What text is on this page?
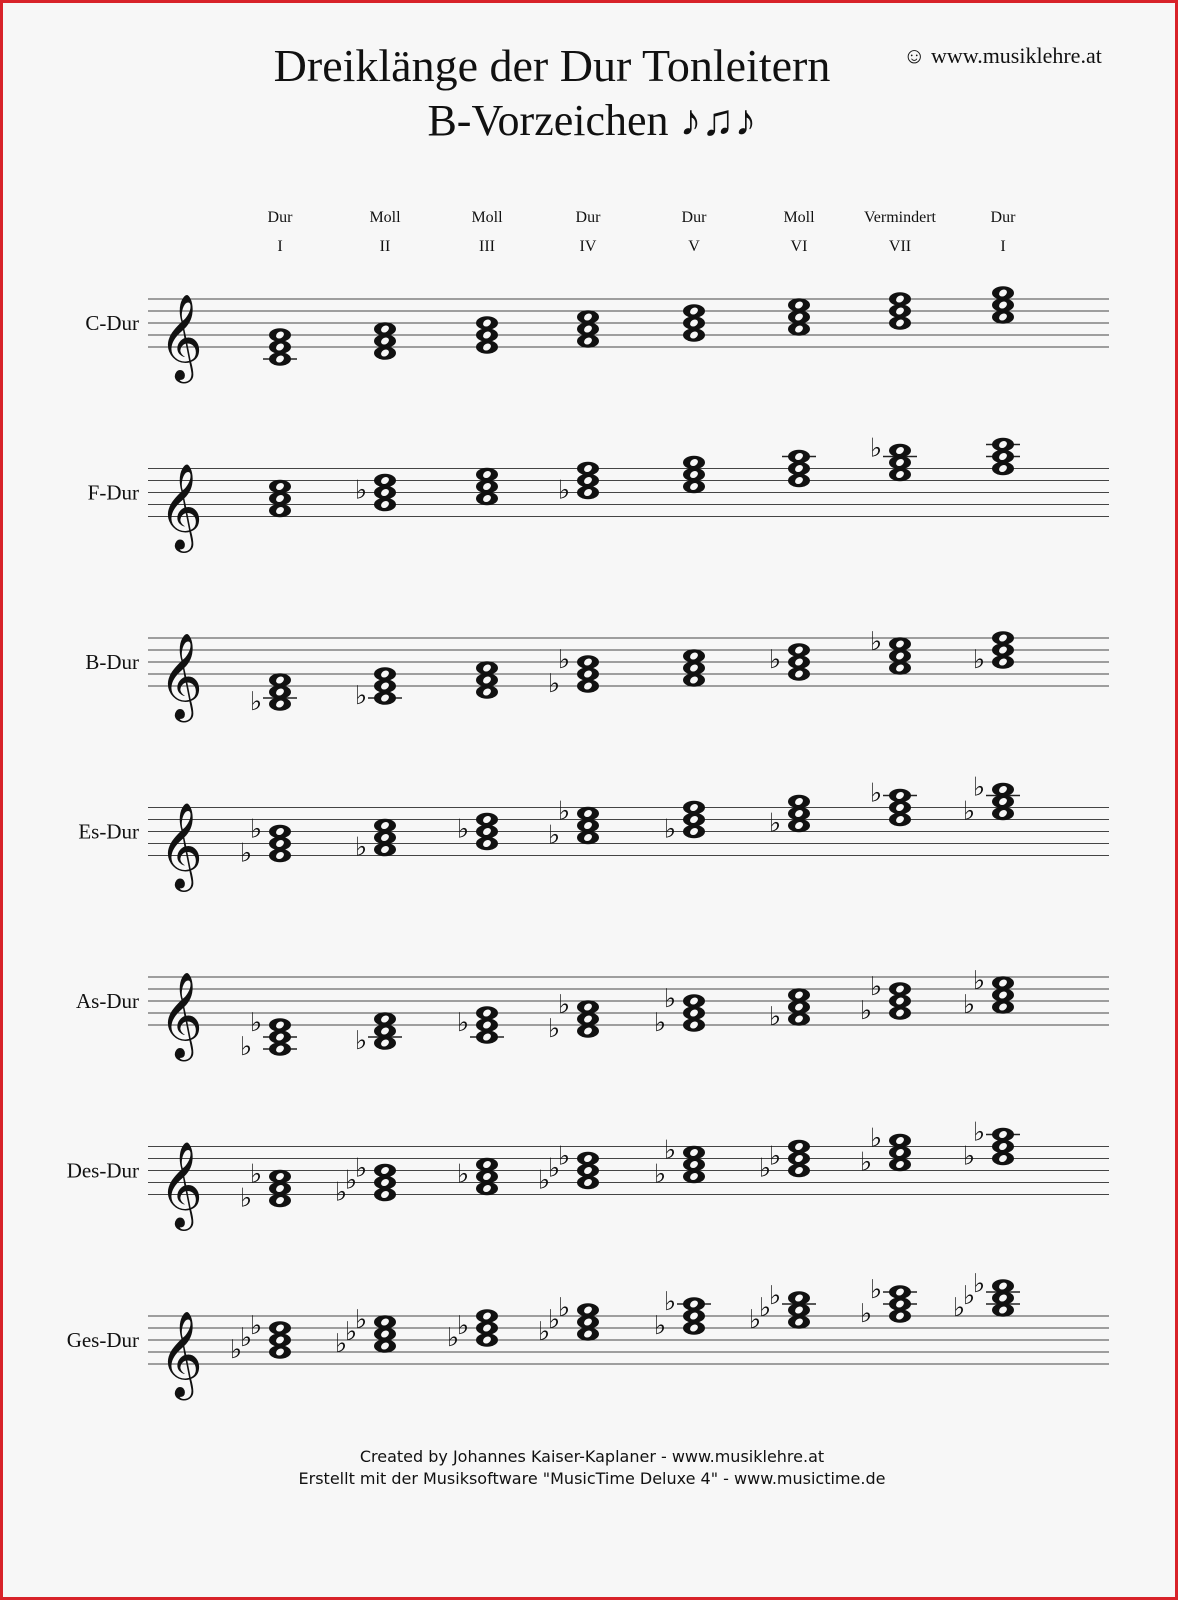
Dreiklänge der Dur Tonleitern
B-Vorzeichen ♪♫♪
☺ www.musiklehre.at
Dur
I
Moll
II
Moll
III
Dur
IV
Dur
V
Moll
VI
Vermindert
VII
Dur
I
C-Dur 𝄞
F-Dur 𝄞	♭	♭
♭
B-Dur 𝄞 ♭	♭
♭
♭
♭
♭
♭
Es-Dur 𝄞 ♭
♭	♭
♭
♭
♭	♭	♭
♭	♭
♭
As-Dur 𝄞 ♭
♭	♭
♭
♭
♭
♭
♭	♭
♭
♭
♭
♭
Des-Dur 𝄞 ♭
♭
♭
♭
♭
♭
♭
♭
♭
♭
♭
♭
♭
♭
♭
♭
♭
Ges-Dur 𝄞 ♭
♭
♭
♭
♭
♭
♭
♭
♭
♭
♭
♭
♭
♭
♭
♭
♭
♭
♭
♭
♭
Created by Johannes Kaiser-Kaplaner - www.musiklehre.at
Erstellt mit der Musiksoftware "MusicTime Deluxe 4" - www.musictime.de
